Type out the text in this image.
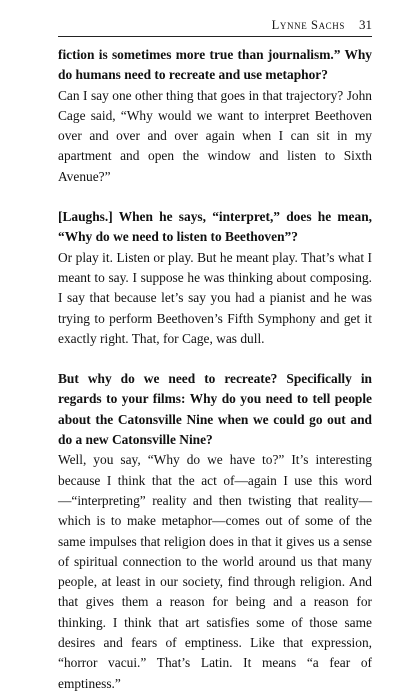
Lynne Sachs 31

fiction is sometimes more true than journalism.” Why do humans need to recreate and use metaphor?

Can I say one other thing that goes in that trajectory? John Cage said, “Why would we want to interpret Beethoven over and over and over again when I can sit in my apartment and open the window and listen to Sixth Avenue?”

[Laughs.] When he says, “interpret,” does he mean, “Why do we need to listen to Beethoven”?

Or play it. Listen or play. But he meant play. That’s what I meant to say. I suppose he was thinking about composing. I say that because let’s say you had a pianist and he was trying to perform Beethoven’s Fifth Symphony and get it exactly right. That, for Cage, was dull.

But why do we need to recreate? Specifically in regards to your films: Why do you need to tell people about the Catonsville Nine when we could go out and do a new Catonsville Nine?

Well, you say, “Why do we have to?” It’s interesting because I think that the act of—again I use this word—“interpreting” reality and then twisting that reality—which is to make metaphor—comes out of some of the same impulses that religion does in that it gives us a sense of spiritual connection to the world around us that many people, at least in our society, find through religion. And that gives them a reason for being and a reason for thinking. I think that art satisfies some of those same desires and fears of emptiness. Like that expression, “horror vacui.” That’s Latin. It means “a fear of emptiness.”
